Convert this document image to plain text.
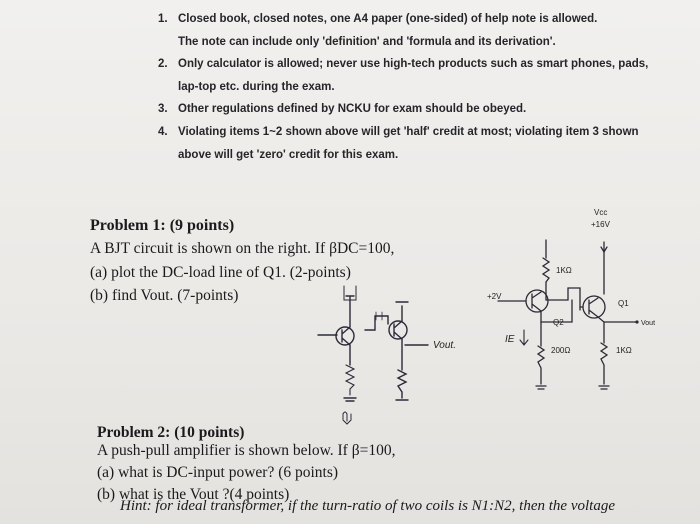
1. Closed book, closed notes, one A4 paper (one-sided) of help note is allowed.
The note can include only 'definition' and 'formula and its derivation'.
2. Only calculator is allowed; never use high-tech products such as smart phones, pads,
lap-top etc. during the exam.
3. Other regulations defined by NCKU for exam should be obeyed.
4. Violating items 1~2 shown above will get 'half' credit at most; violating item 3 shown
above will get 'zero' credit for this exam.
Problem 1: (9 points)
A BJT circuit is shown on the right. If βDC=100,
(a) plot the DC-load line of Q1. (2-points)
(b) find Vout. (7-points)
Vcc
+16V
1KΩ
+2V
Q1
Q2
IE
200Ω	1KΩ
Vout
Vout.
Problem 2: (10 points)
A push-pull amplifier is shown below. If β=100,
(a) what is DC-input power? (6 points)
(b) what is the Vout ?(4 points)
Hint: for ideal transformer, if the turn-ratio of two coils is N1:N2, then the voltage
